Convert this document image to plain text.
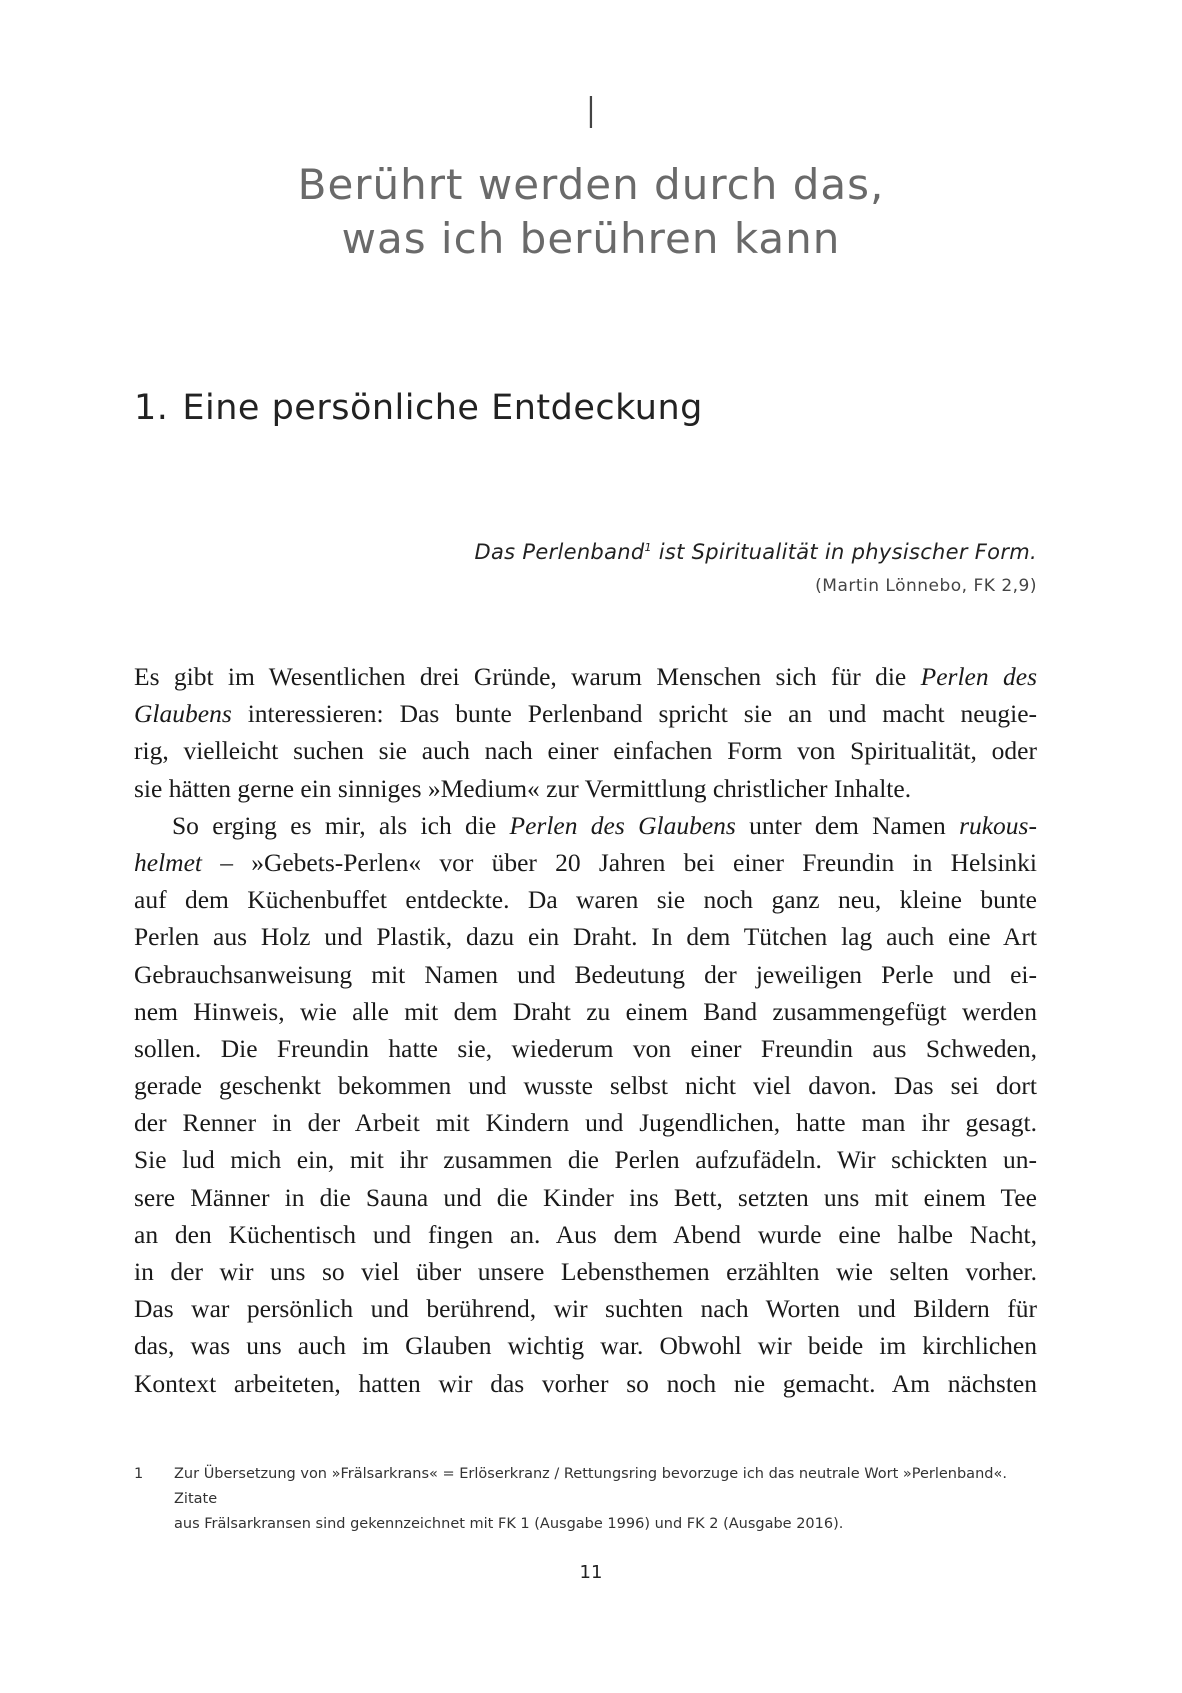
I
Berührt werden durch das,
was ich berühren kann
1. Eine persönliche Entdeckung
Das Perlenband$^1$ ist Spiritualität in physischer Form.
(Martin Lönnebo, FK 2,9)
Es gibt im Wesentlichen drei Gründe, warum Menschen sich für die Perlen des
Glaubens interessieren: Das bunte Perlenband spricht sie an und macht neugie-
rig, vielleicht suchen sie auch nach einer einfachen Form von Spiritualität, oder
sie hätten gerne ein sinniges »Medium« zur Vermittlung christlicher Inhalte.
So erging es mir, als ich die Perlen des Glaubens unter dem Namen rukous-
helmet – »Gebets-Perlen« vor über 20 Jahren bei einer Freundin in Helsinki
auf dem Küchenbuffet entdeckte. Da waren sie noch ganz neu, kleine bunte
Perlen aus Holz und Plastik, dazu ein Draht. In dem Tütchen lag auch eine Art
Gebrauchsanweisung mit Namen und Bedeutung der jeweiligen Perle und ei-
nem Hinweis, wie alle mit dem Draht zu einem Band zusammengefügt werden
sollen. Die Freundin hatte sie, wiederum von einer Freundin aus Schweden,
gerade geschenkt bekommen und wusste selbst nicht viel davon. Das sei dort
der Renner in der Arbeit mit Kindern und Jugendlichen, hatte man ihr gesagt.
Sie lud mich ein, mit ihr zusammen die Perlen aufzufädeln. Wir schickten un-
sere Männer in die Sauna und die Kinder ins Bett, setzten uns mit einem Tee
an den Küchentisch und fingen an. Aus dem Abend wurde eine halbe Nacht,
in der wir uns so viel über unsere Lebensthemen erzählten wie selten vorher.
Das war persönlich und berührend, wir suchten nach Worten und Bildern für
das, was uns auch im Glauben wichtig war. Obwohl wir beide im kirchlichen
Kontext arbeiteten, hatten wir das vorher so noch nie gemacht. Am nächsten
1 Zur Übersetzung von »Frälsarkrans« = Erlöserkranz / Rettungsring bevorzuge ich das neutrale Wort »Perlenband«. Zitate
aus Frälsarkransen sind gekennzeichnet mit FK 1 (Ausgabe 1996) und FK 2 (Ausgabe 2016).
11
